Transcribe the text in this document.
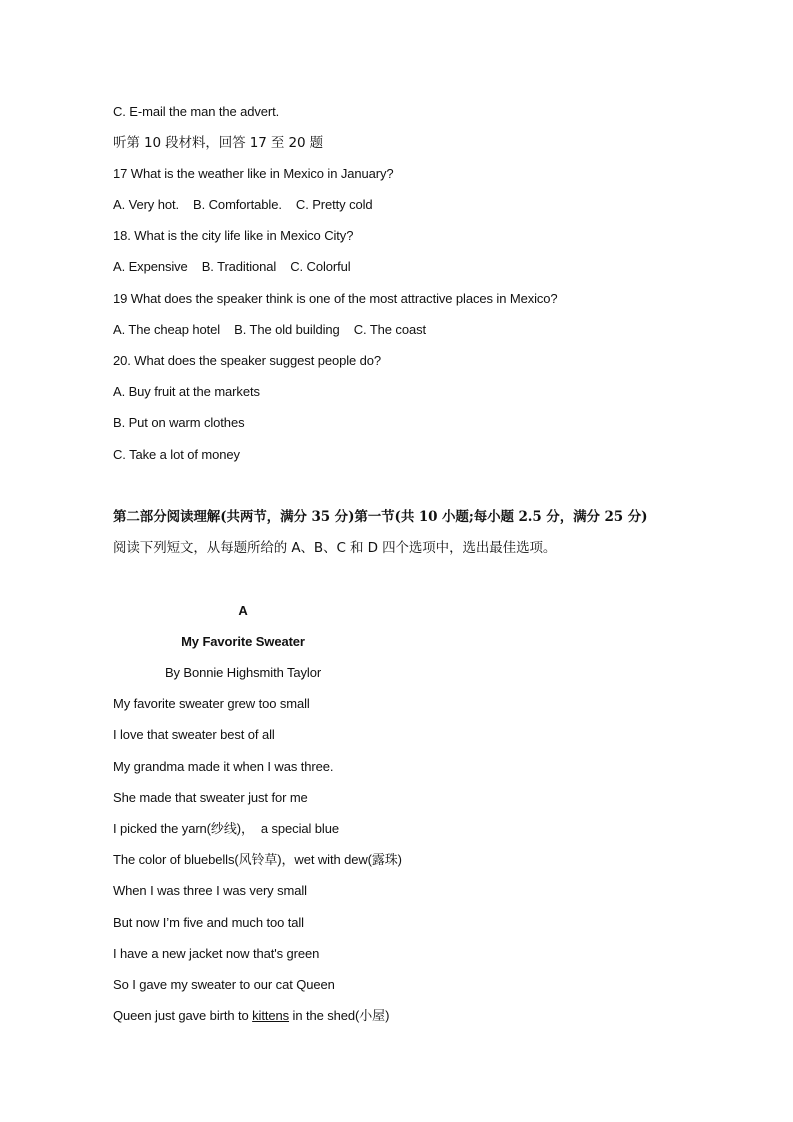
C. E-mail the man the advert.
听第 10 段材料，回答 17 至 20 题
17 What is the weather like in Mexico in January?
A. Very hot.    B. Comfortable.    C. Pretty cold
18. What is the city life like in Mexico City?
A. Expensive    B. Traditional    C. Colorful
19 What does the speaker think is one of the most attractive places in Mexico?
A. The cheap hotel    B. The old building    C. The coast
20. What does the speaker suggest people do?
A. Buy fruit at the markets
B. Put on warm clothes
C. Take a lot of money
第二部分阅读理解(共两节，满分 35 分)第一节(共 10 小题;每小题 2.5 分，满分 25 分)
阅读下列短文，从每题所给的 A、B、C 和 D 四个选项中，选出最佳选项。
A
My Favorite Sweater
By Bonnie Highsmith Taylor
My favorite sweater grew too small
I love that sweater best of all
My grandma made it when I was three.
She made that sweater just for me
I picked the yarn(纱线)，  a special blue
The color of bluebells(风铃草)，wet with dew(露珠)
When I was three I was very small
But now I’m five and much too tall
I have a new jacket now that's green
So I gave my sweater to our cat Queen
Queen just gave birth to kittens in the shed(小屋)
